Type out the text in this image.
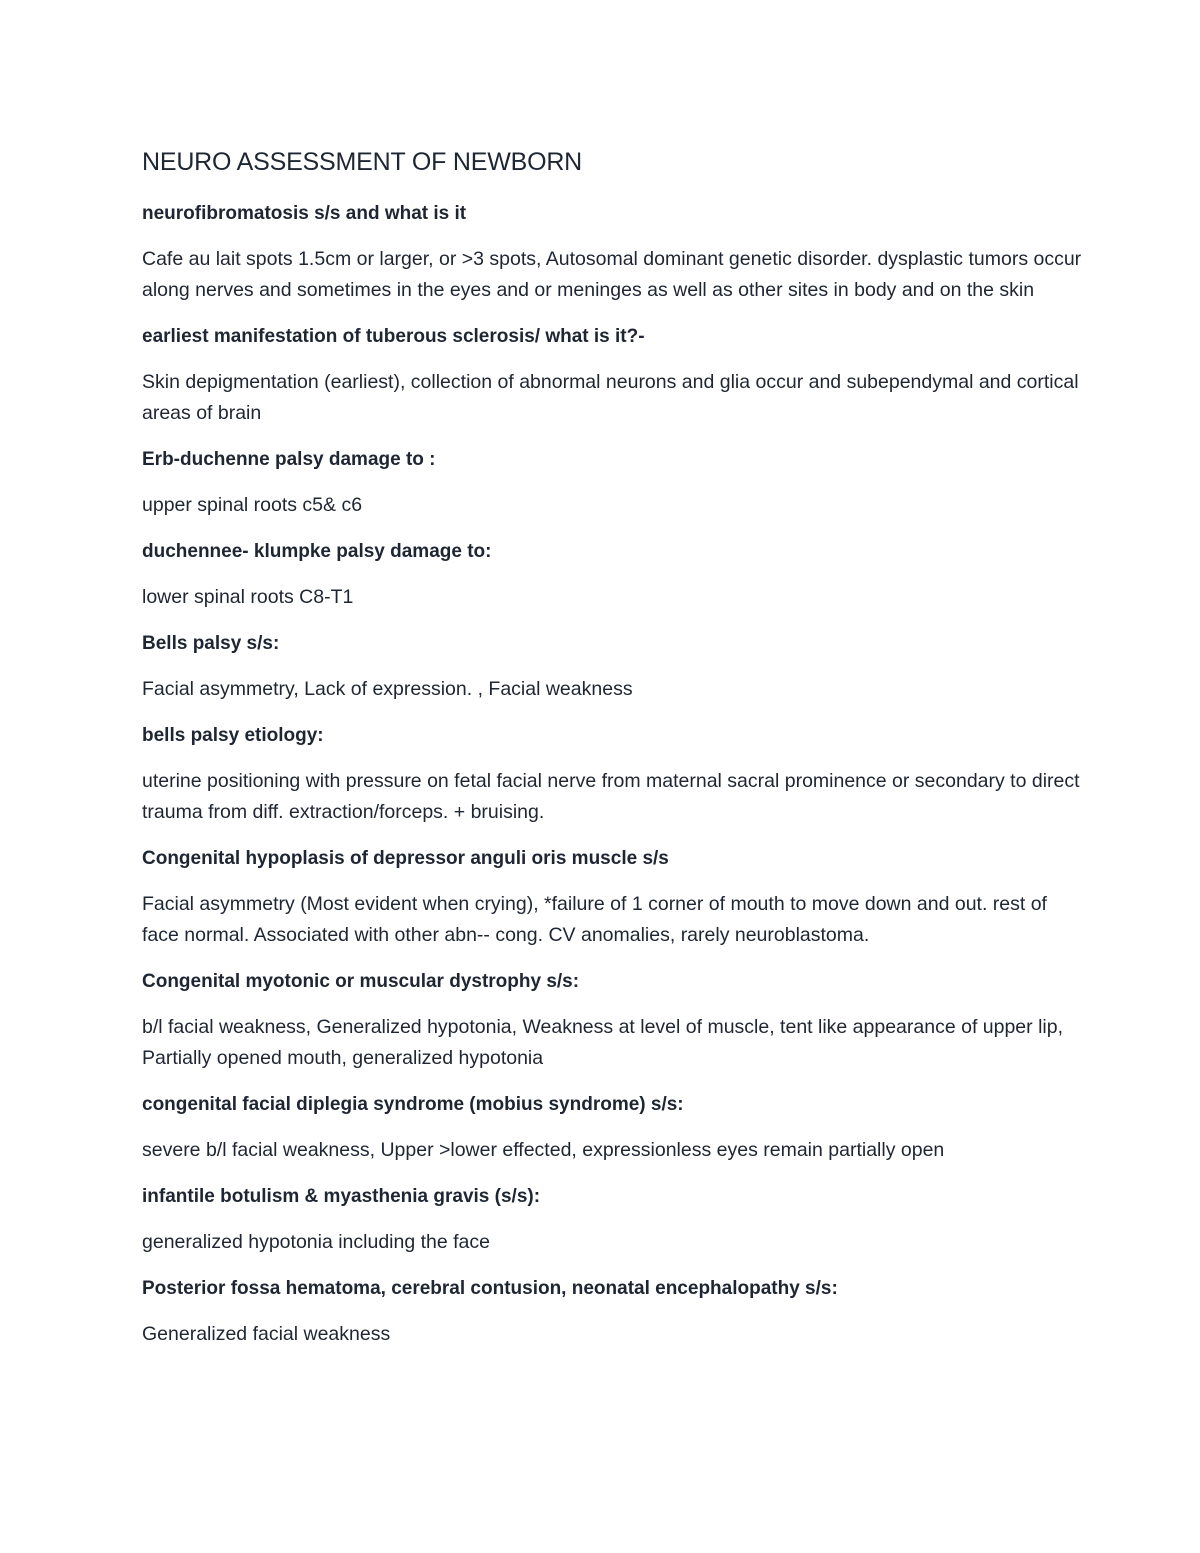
NEURO ASSESSMENT OF NEWBORN

neurofibromatosis s/s and what is it

Cafe au lait spots 1.5cm or larger, or >3 spots, Autosomal dominant genetic disorder. dysplastic tumors occur along nerves and sometimes in the eyes and or meninges as well as other sites in body and on the skin

earliest manifestation of tuberous sclerosis/ what is it?-

Skin depigmentation (earliest), collection of abnormal neurons and glia occur and subependymal and cortical areas of brain

Erb-duchenne palsy damage to :

upper spinal roots c5& c6

duchennee- klumpke palsy damage to:

lower spinal roots C8-T1

Bells palsy s/s:

Facial asymmetry, Lack of expression. , Facial weakness

bells palsy etiology:

uterine positioning with pressure on fetal facial nerve from maternal sacral prominence or secondary to direct trauma from diff. extraction/forceps. + bruising.

Congenital hypoplasis of depressor anguli oris muscle s/s

Facial asymmetry (Most evident when crying), *failure of 1 corner of mouth to move down and out. rest of face normal. Associated with other abn-- cong. CV anomalies, rarely neuroblastoma.

Congenital myotonic or muscular dystrophy s/s:

b/l facial weakness, Generalized hypotonia, Weakness at level of muscle, tent like appearance of upper lip, Partially opened mouth, generalized hypotonia

congenital facial diplegia syndrome (mobius syndrome) s/s:

severe b/l facial weakness, Upper >lower effected, expressionless eyes remain partially open

infantile botulism & myasthenia gravis (s/s):

generalized hypotonia including the face

Posterior fossa hematoma, cerebral contusion, neonatal encephalopathy s/s:

Generalized facial weakness
